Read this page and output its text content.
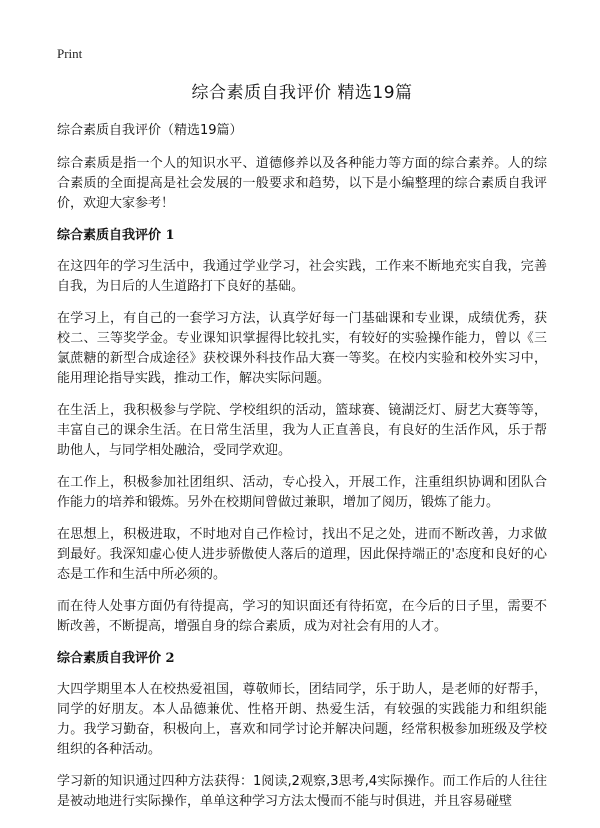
Print
综合素质自我评价 精选19篇
综合素质自我评价（精选19篇）

综合素质是指一个人的知识水平、道德修养以及各种能力等方面的综合素养。人的综合素质的全面提高是社会发展的一般要求和趋势，以下是小编整理的综合素质自我评价，欢迎大家参考！

综合素质自我评价 1

在这四年的学习生活中，我通过学业学习，社会实践，工作来不断地充实自我，完善自我，为日后的人生道路打下良好的基础。

在学习上，有自己的一套学习方法，认真学好每一门基础课和专业课，成绩优秀，获校二、三等奖学金。专业课知识掌握得比较扎实，有较好的实验操作能力，曾以《三氯蔗糖的新型合成途径》获校课外科技作品大赛一等奖。在校内实验和校外实习中，能用理论指导实践，推动工作，解决实际问题。

在生活上，我积极参与学院、学校组织的活动，篮球赛、镜湖泛灯、厨艺大赛等等，丰富自己的课余生活。在日常生活里，我为人正直善良，有良好的生活作风，乐于帮助他人，与同学相处融洽，受同学欢迎。

在工作上，积极参加社团组织、活动，专心投入，开展工作，注重组织协调和团队合作能力的培养和锻炼。另外在校期间曾做过兼职，增加了阅历，锻炼了能力。

在思想上，积极进取，不时地对自己作检讨，找出不足之处，进而不断改善，力求做到最好。我深知虚心使人进步骄傲使人落后的道理，因此保持端正的'态度和良好的心态是工作和生活中所必须的。

而在待人处事方面仍有待提高，学习的知识面还有待拓宽，在今后的日子里，需要不断改善，不断提高，增强自身的综合素质，成为对社会有用的人才。

综合素质自我评价 2

大四学期里本人在校热爱祖国，尊敬师长，团结同学，乐于助人，是老师的好帮手，同学的好朋友。本人品德兼优、性格开朗、热爱生活，有较强的实践能力和组织能力。我学习勤奋，积极向上，喜欢和同学讨论并解决问题，经常积极参加班级及学校组织的各种活动。

学习新的知识通过四种方法获得：1阅读,2观察,3思考,4实际操作。而工作后的人往往是被动地进行实际操作，单单这种学习方法太慢而不能与时俱进，并且容易碰壁
